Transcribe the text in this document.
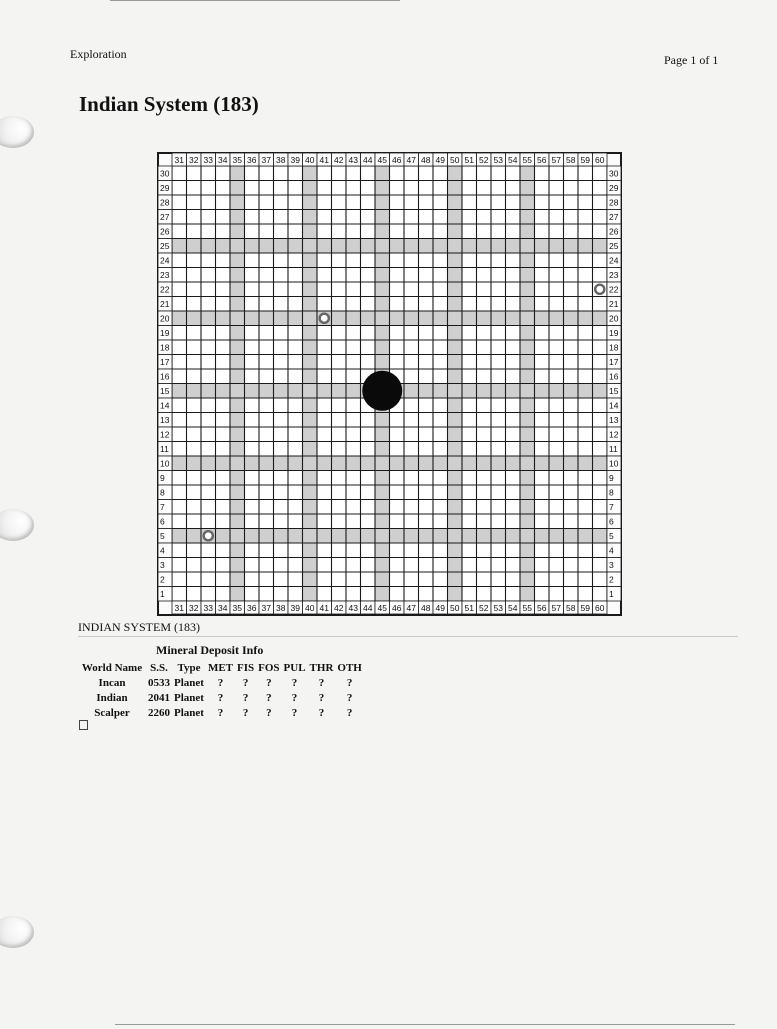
Exploration	Page 1 of 1
Indian System (183)
31
31
32
32
33
33
34
34
35
35
36
36
37
37
38
38
39
39
40
40
41
41
42
42
43
43
44
44
45
45
46
46
47
47
48
48
49
49
50
50
51
51
52
52
53
53
54
54
55
55
56
56
57
57
58
58
59
59
60
60
30	30
29	29
28	28
27	27
26	26
25	25
24	24
23	23
22	22
21	21
20	20
19	19
18	18
17	17
16	16
15	15
14	14
13	13
12	12
11	11
10	10
9	9
8	8
7	7
6	6
5	5
4	4
3	3
2	2
1	1
INDIAN SYSTEM (183)
Mineral Deposit Info
World Name	S.S.	Type	MET	FIS	FOS	PUL	THR	OTH
Incan	0533	Planet	?	?	?	?	?	?
Indian	2041	Planet	?	?	?	?	?	?
Scalper	2260	Planet	?	?	?	?	?	?
